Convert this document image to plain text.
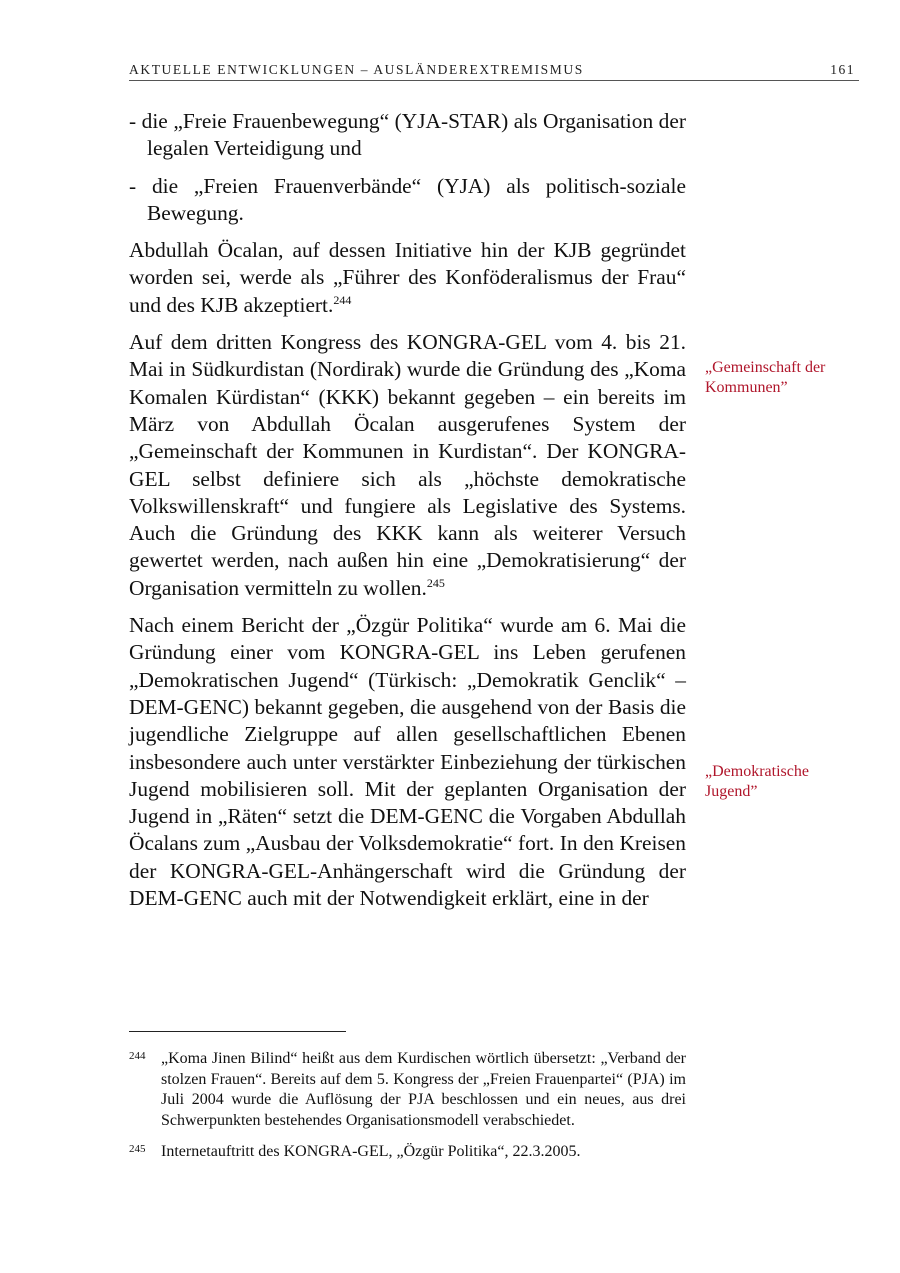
AKTUELLE ENTWICKLUNGEN – AUSLÄNDEREXTREMISMUS	161

- die „Freie Frauenbewegung“ (YJA-STAR) als Organisation der legalen Verteidigung und

- die „Freien Frauenverbände“ (YJA) als politisch-soziale Bewegung.

Abdullah Öcalan, auf dessen Initiative hin der KJB gegründet worden sei, werde als „Führer des Konföderalismus der Frau“ und des KJB akzeptiert.$^{244}$

Auf dem dritten Kongress des KONGRA-GEL vom 4. bis 21. Mai in Südkurdistan (Nordirak) wurde die Gründung des „Koma Komalen Kürdistan“ (KKK) bekannt gegeben – ein bereits im März von Abdullah Öcalan ausgerufenes System der „Gemeinschaft der Kommunen in Kurdistan“. Der KONGRA-GEL selbst definiere sich als „höchste demokratische Volkswillenskraft“ und fungiere als Legislative des Systems. Auch die Gründung des KKK kann als weiterer Versuch gewertet werden, nach außen hin eine „Demokratisierung“ der Organisation vermitteln zu wollen.$^{245}$

Nach einem Bericht der „Özgür Politika“ wurde am 6. Mai die Gründung einer vom KONGRA-GEL ins Leben gerufenen „Demokratischen Jugend“ (Türkisch: „Demokratik Genclik“ – DEM-GENC) bekannt gegeben, die ausgehend von der Basis die jugendliche Zielgruppe auf allen gesellschaftlichen Ebenen insbesondere auch unter verstärkter Einbeziehung der türkischen Jugend mobilisieren soll. Mit der geplanten Organisation der Jugend in „Räten“ setzt die DEM-GENC die Vorgaben Abdullah Öcalans zum „Ausbau der Volksdemokratie“ fort. In den Kreisen der KONGRA-GEL-Anhängerschaft wird die Gründung der DEM-GENC auch mit der Notwendigkeit erklärt, eine in der

„Gemeinschaft der Kommunen”
„Demokratische Jugend”
244 „Koma Jinen Bilind“ heißt aus dem Kurdischen wörtlich übersetzt: „Verband der stolzen Frauen“. Bereits auf dem 5. Kongress der „Freien Frauenpartei“ (PJA) im Juli 2004 wurde die Auflösung der PJA beschlossen und ein neues, aus drei Schwerpunkten bestehendes Organisationsmodell verabschiedet.
245 Internetauftritt des KONGRA-GEL, „Özgür Politika“, 22.3.2005.
